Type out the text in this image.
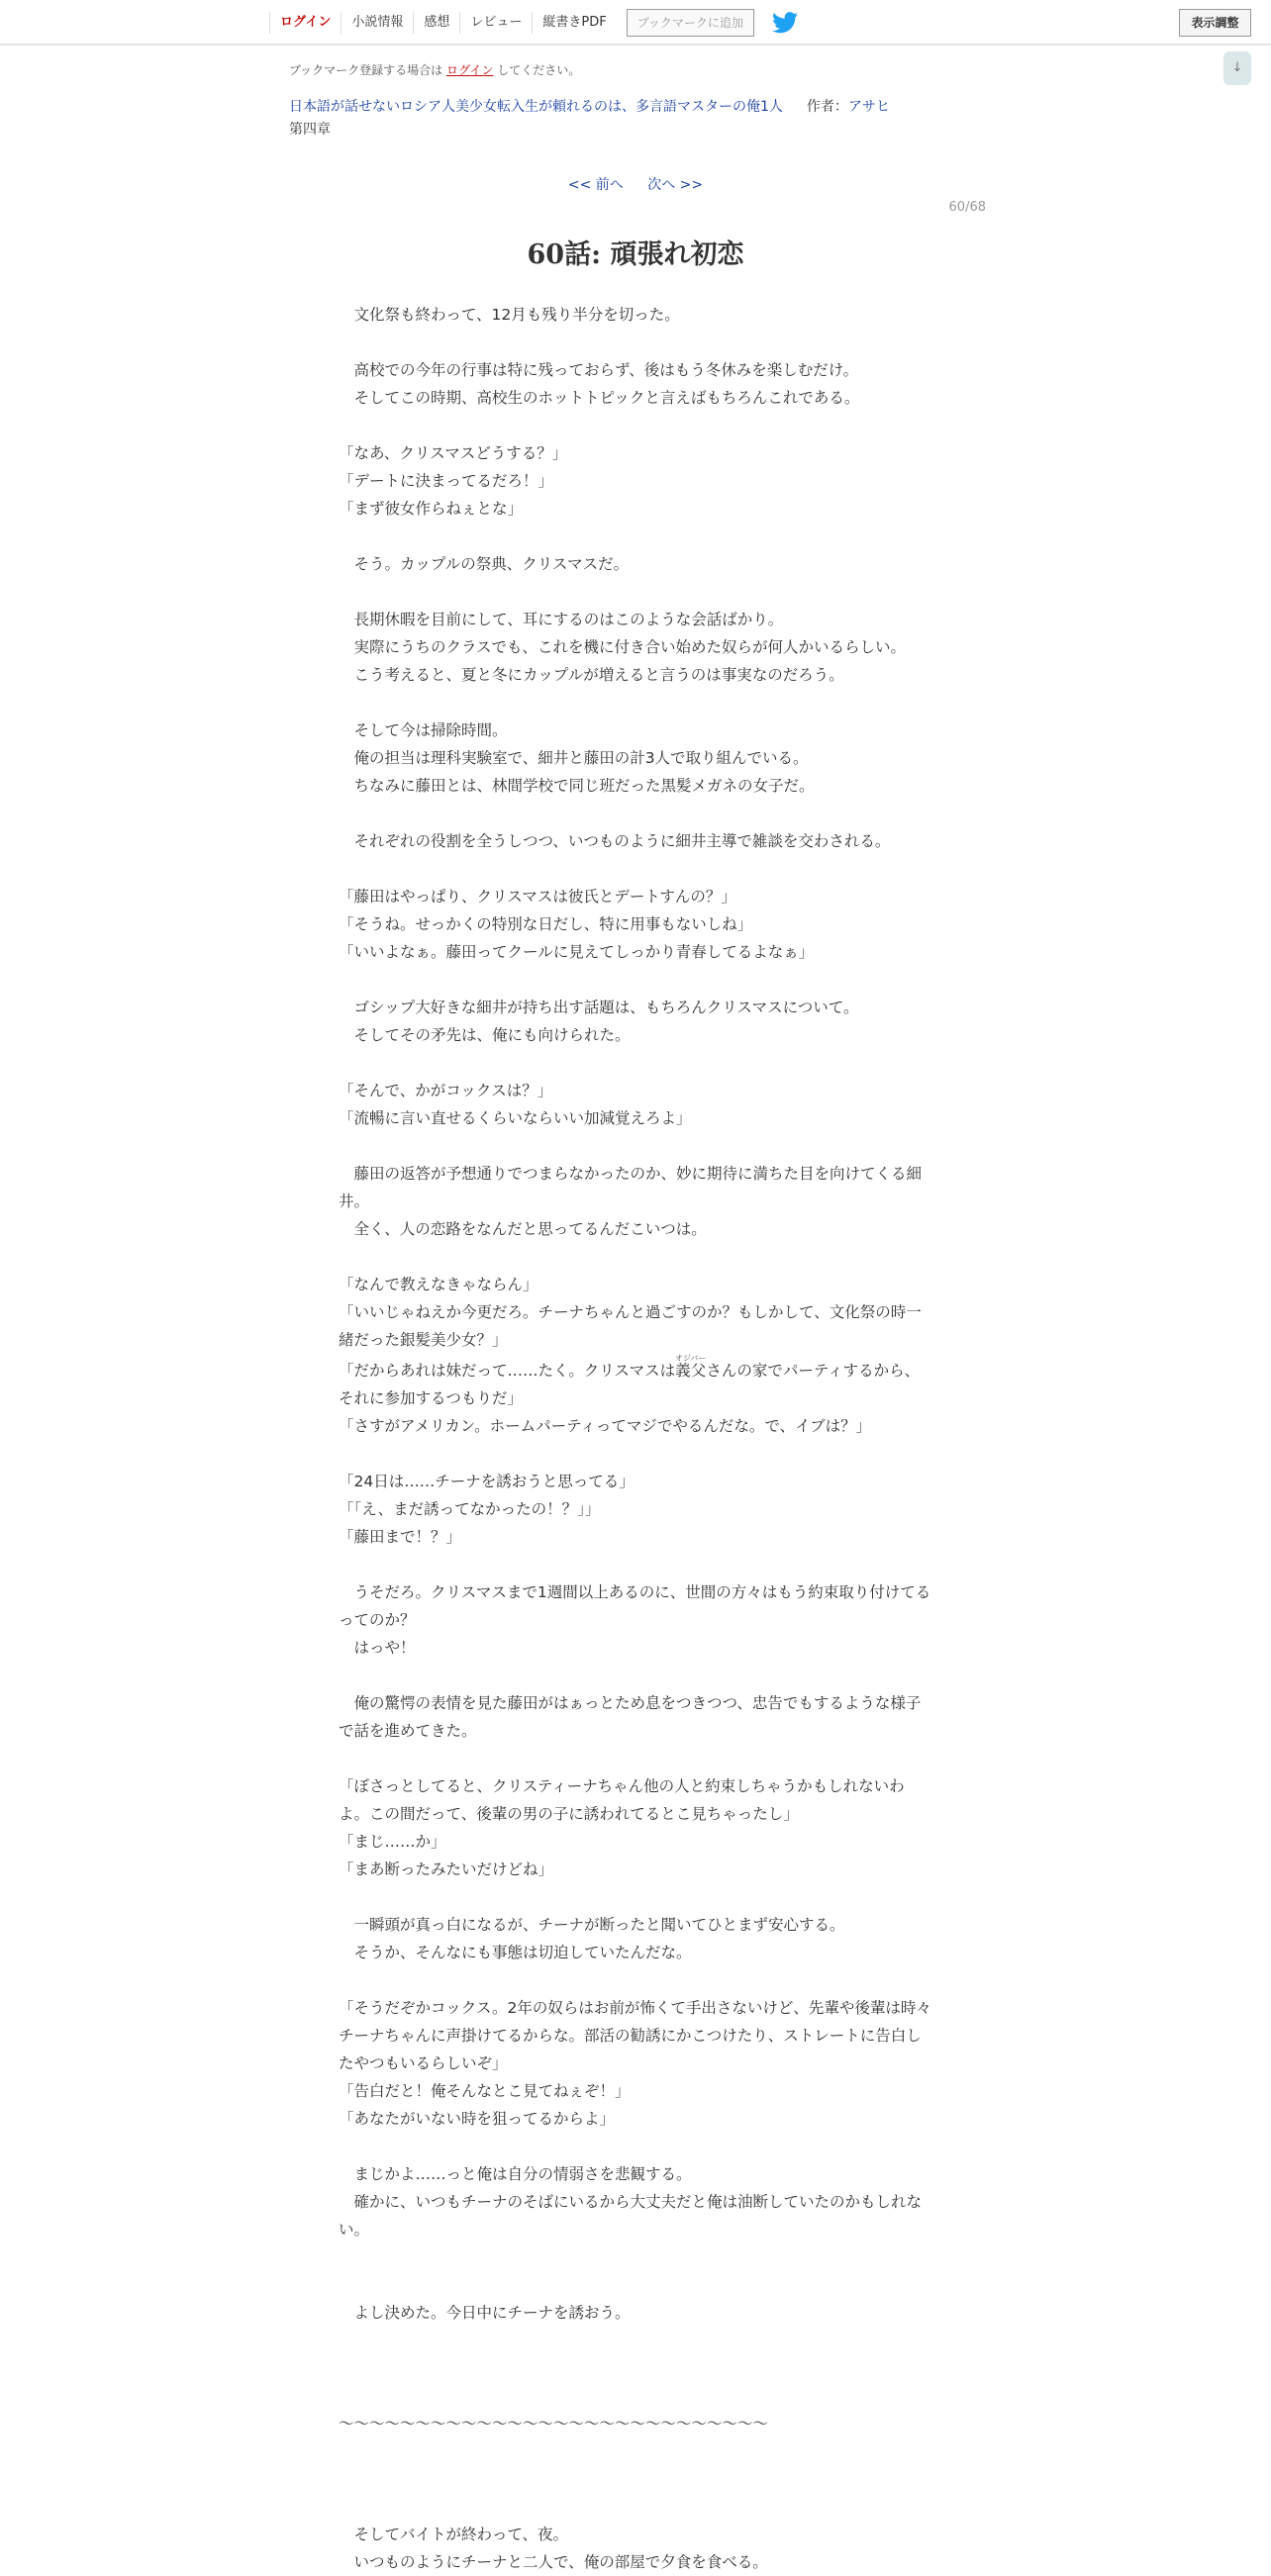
ログイン	小説情報	感想	レビュー	縦書きPDF	ブックマークに追加	表示調整
↓
ブックマーク登録する場合は ログイン してください。
日本語が話せないロシア人美少女転入生が頼れるのは、多言語マスターの俺1人 作者：アサヒ
第四章
<< 前へ 次へ >>
60/68
60話: 頑張れ初恋

　文化祭も終わって、12月も残り半分を切った。

　高校での今年の行事は特に残っておらず、後はもう冬休みを楽しむだけ。

　そしてこの時期、高校生のホットトピックと言えばもちろんこれである。

「なあ、クリスマスどうする？」

「デートに決まってるだろ！」

「まず彼女作らねぇとな」

　そう。カップルの祭典、クリスマスだ。

　長期休暇を目前にして、耳にするのはこのような会話ばかり。

　実際にうちのクラスでも、これを機に付き合い始めた奴らが何人かいるらしい。

　こう考えると、夏と冬にカップルが増えると言うのは事実なのだろう。

　そして今は掃除時間。

　俺の担当は理科実験室で、細井と藤田の計3人で取り組んでいる。

　ちなみに藤田とは、林間学校で同じ班だった黒髪メガネの女子だ。

　それぞれの役割を全うしつつ、いつものように細井主導で雑談を交わされる。

「藤田はやっぱり、クリスマスは彼氏とデートすんの？」

「そうね。せっかくの特別な日だし、特に用事もないしね」

「いいよなぁ。藤田ってクールに見えてしっかり青春してるよなぁ」

　ゴシップ大好きな細井が持ち出す話題は、もちろんクリスマスについて。

　そしてその矛先は、俺にも向けられた。

「そんで、かがコックスは？」

「流暢に言い直せるくらいならいい加減覚えろよ」

　藤田の返答が予想通りでつまらなかったのか、妙に期待に満ちた目を向けてくる細井。

　全く、人の恋路をなんだと思ってるんだこいつは。

「なんで教えなきゃならん」

「いいじゃねえか今更だろ。チーナちゃんと過ごすのか？もしかして、文化祭の時一緒だった銀髪美少女？」

「だからあれは妹だって……たく。クリスマスは義父オジバーさんの家でパーティするから、それに参加するつもりだ」

「さすがアメリカン。ホームパーティってマジでやるんだな。で、イブは？」

「24日は……チーナを誘おうと思ってる」

「「え、まだ誘ってなかったの！？」」

「藤田まで！？」

　うそだろ。クリスマスまで1週間以上あるのに、世間の方々はもう約束取り付けてるってのか？

　はっや！

　俺の驚愕の表情を見た藤田がはぁっとため息をつきつつ、忠告でもするような様子で話を進めてきた。

「ぼさっとしてると、クリスティーナちゃん他の人と約束しちゃうかもしれないわよ。この間だって、後輩の男の子に誘われてるとこ見ちゃったし」

「まじ……か」

「まあ断ったみたいだけどね」

　一瞬頭が真っ白になるが、チーナが断ったと聞いてひとまず安心する。

　そうか、そんなにも事態は切迫していたんだな。

「そうだぞかコックス。2年の奴らはお前が怖くて手出さないけど、先輩や後輩は時々チーナちゃんに声掛けてるからな。部活の勧誘にかこつけたり、ストレートに告白したやつもいるらしいぞ」

「告白だと！俺そんなとこ見てねぇぞ！」

「あなたがいない時を狙ってるからよ」

　まじかよ……っと俺は自分の情弱さを悲観する。

　確かに、いつもチーナのそばにいるから大丈夫だと俺は油断していたのかもしれない。

　よし決めた。今日中にチーナを誘おう。

～～～～～～～～～～～～～～～～～～～～～～～～～～～～

　そしてバイトが終わって、夜。

　いつものようにチーナと二人で、俺の部屋で夕食を食べる。
